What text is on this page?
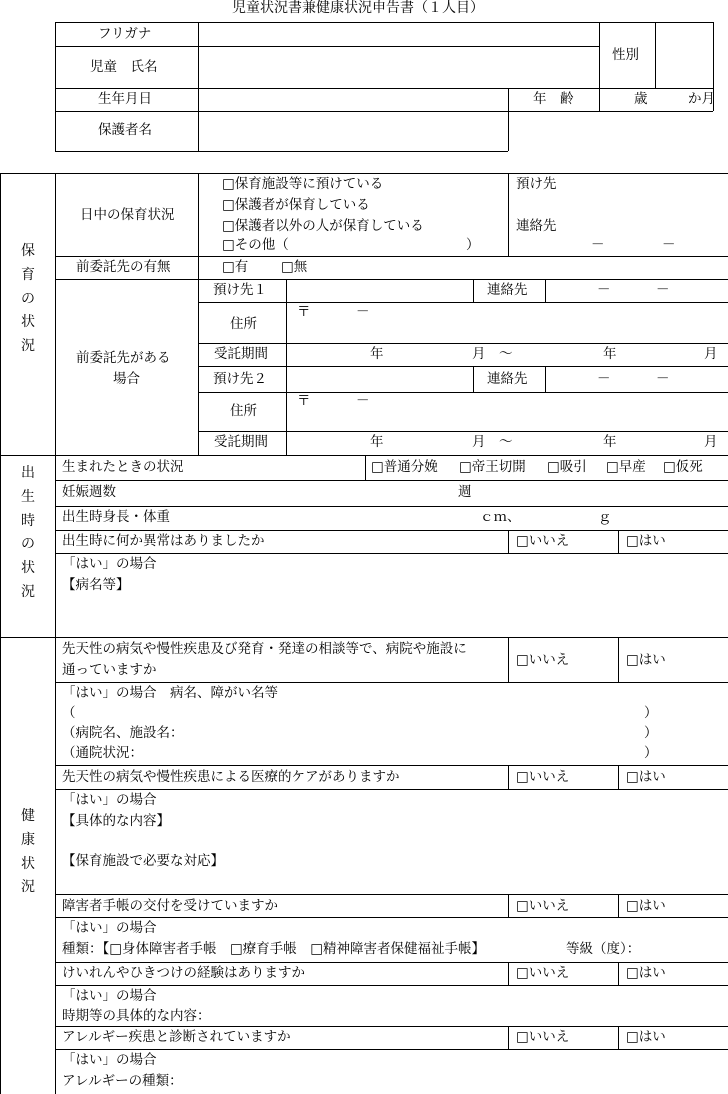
児童状況書兼健康状況申告書（１人目）
フリガナ
児童　氏名
性別
生年月日	年　齢	歳	か月
保護者名
保育の状況
日中の保育状況
□保育施設等に預けている
□保護者が保育している
□保護者以外の人が保育している
□その他（	）
預け先
連絡先
－	－
前委託先の有無	□有 □無
前委託先がある
場合
預け先１	連絡先	－	－
住所
〒	－
受託期間	年	月 ～	年	月
預け先２	連絡先	－	－
住所
〒	－
受託期間	年	月 ～	年	月
出生時の状況
生まれたときの状況	□普通分娩 □帝王切開 □吸引 □早産 □仮死
妊娠週数	週
出生時身長・体重	ｃｍ、	ｇ
出生時に何か異常はありましたか	□いいえ	□はい
「はい」の場合
【病名等】
健康状況
先天性の病気や慢性疾患及び発育・発達の相談等で、病院や施設に
通っていますか
□いいえ	□はい
「はい」の場合　病名、障がい名等
（	）
（病院名、施設名：	）
（通院状況：	）
先天性の病気や慢性疾患による医療的ケアがありますか	□いいえ	□はい
「はい」の場合
【具体的な内容】
【保育施設で必要な対応】
障害者手帳の交付を受けていますか	□いいえ	□はい
「はい」の場合
種類：【□身体障害者手帳　□療育手帳　□精神障害者保健福祉手帳】	等級（度）：
けいれんやひきつけの経験はありますか	□いいえ	□はい
「はい」の場合
時期等の具体的な内容：
アレルギー疾患と診断されていますか	□いいえ	□はい
「はい」の場合
アレルギーの種類：
